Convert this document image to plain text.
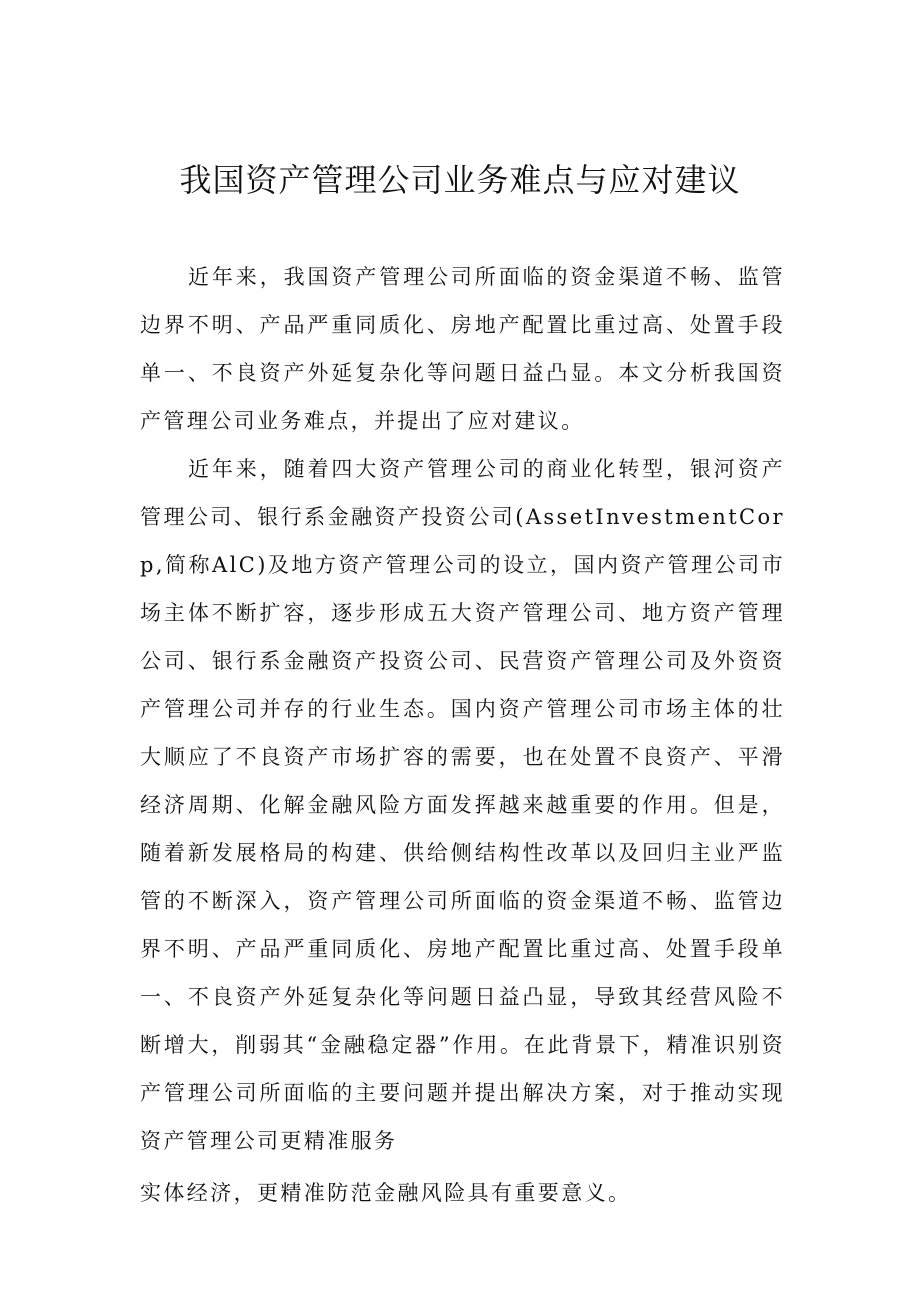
我国资产管理公司业务难点与应对建议

近年来，我国资产管理公司所面临的资金渠道不畅、监管边界不明、产品严重同质化、房地产配置比重过高、处置手段单一、不良资产外延复杂化等问题日益凸显。本文分析我国资产管理公司业务难点，并提出了应对建议。

近年来，随着四大资产管理公司的商业化转型，银河资产管理公司、银行系金融资产投资公司(AssetInvestmentCorp,简称AlC)及地方资产管理公司的设立，国内资产管理公司市场主体不断扩容，逐步形成五大资产管理公司、地方资产管理公司、银行系金融资产投资公司、民营资产管理公司及外资资产管理公司并存的行业生态。国内资产管理公司市场主体的壮大顺应了不良资产市场扩容的需要，也在处置不良资产、平滑经济周期、化解金融风险方面发挥越来越重要的作用。但是，随着新发展格局的构建、供给侧结构性改革以及回归主业严监管的不断深入，资产管理公司所面临的资金渠道不畅、监管边界不明、产品严重同质化、房地产配置比重过高、处置手段单一、不良资产外延复杂化等问题日益凸显，导致其经营风险不断增大，削弱其“金融稳定器”作用。在此背景下，精准识别资产管理公司所面临的主要问题并提出解决方案，对于推动实现资产管理公司更精准服务

实体经济，更精准防范金融风险具有重要意义。
